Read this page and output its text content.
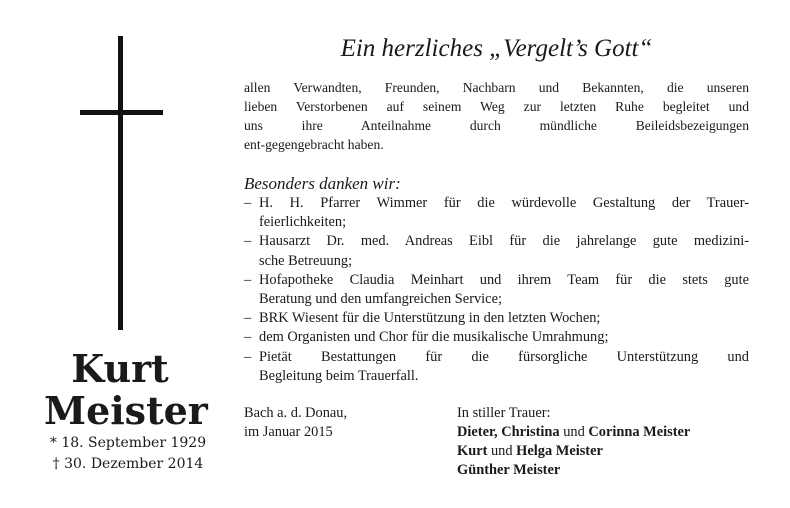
Kurt
Meister
* 18. September 1929
† 30. Dezember 2014
Ein herzliches „Vergelt’s Gott“
allen Verwandten, Freunden, Nachbarn und Bekannten, die unseren
lieben Verstorbenen auf seinem Weg zur letzten Ruhe begleitet und
uns ihre Anteilnahme durch mündliche Beileidsbezeigungen
ent-gegengebracht haben.
Besonders danken wir:
– H. H. Pfarrer Wimmer für die würdevolle Gestaltung der Trauer-
feierlichkeiten;
– Hausarzt Dr. med. Andreas Eibl für die jahrelange gute medizini-
sche Betreuung;
– Hofapotheke Claudia Meinhart und ihrem Team für die stets gute
Beratung und den umfangreichen Service;
– BRK Wiesent für die Unterstützung in den letzten Wochen;
– dem Organisten und Chor für die musikalische Umrahmung;
– Pietät Bestattungen für die fürsorgliche Unterstützung und
Begleitung beim Trauerfall.
Bach a. d. Donau,
im Januar 2015
In stiller Trauer:
Dieter, Christina und Corinna Meister
Kurt und Helga Meister
Günther Meister
